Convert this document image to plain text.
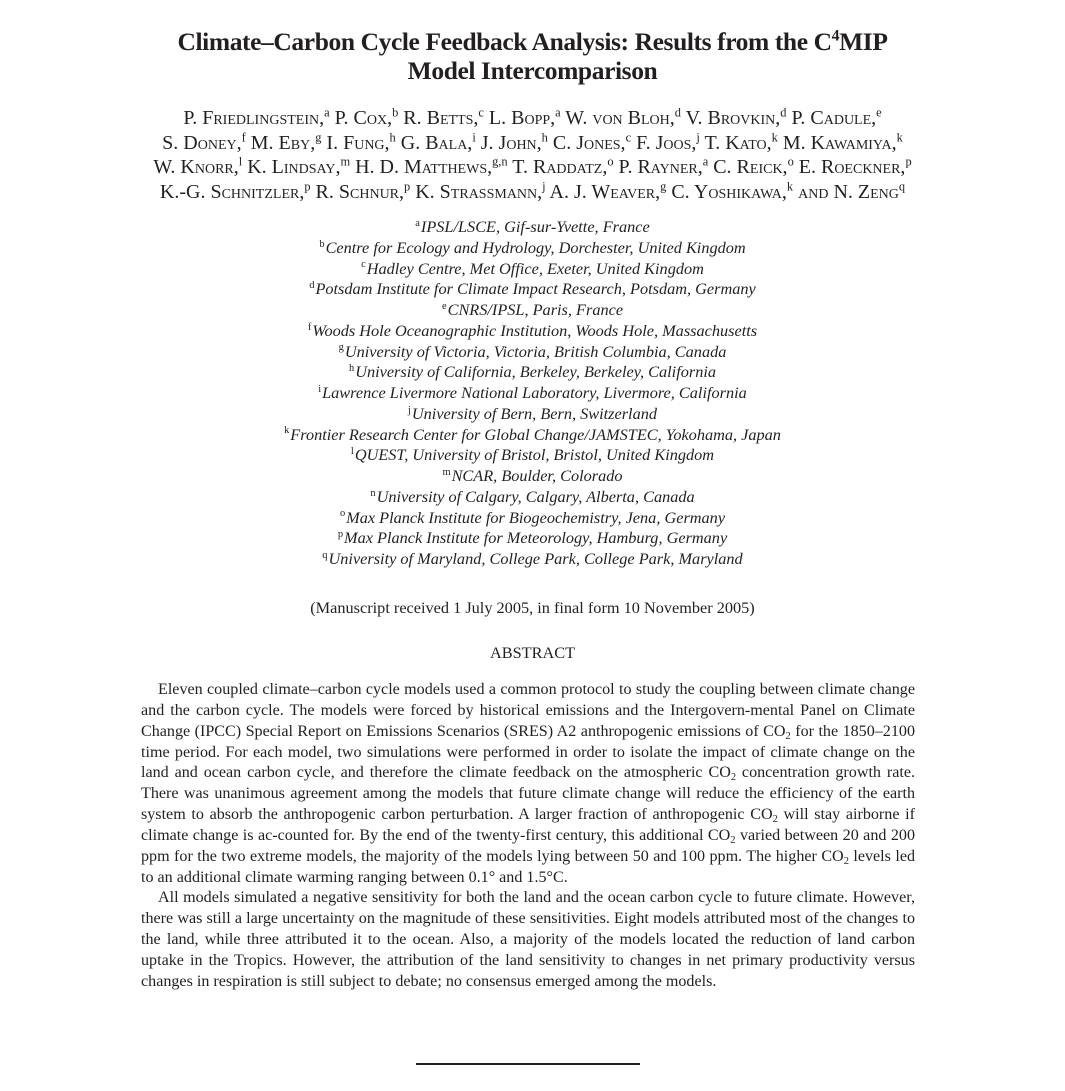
Climate–Carbon Cycle Feedback Analysis: Results from the $C^4MIP$
Model Intercomparison
P. Friedlingstein,$^a$ P. Cox,$^b$ R. Betts,$^c$ L. Bopp,$^a$ W. von Bloh,$^d$ V. Brovkin,$^d$ P. Cadule,$^e$
S. Doney,$^f$ M. Eby,$^g$ I. Fung,$^h$ G. Bala,$^i$ J. John,$^h$ C. Jones,$^c$ F. Joos,$^j$ T. Kato,$^k$ M. Kawamiya,$^k$
W. Knorr,$^l$ K. Lindsay,$^m$ H. D. Matthews,$^{g,n}$ T. Raddatz,$^o$ P. Rayner,$^a$ C. Reick,$^o$ E. Roeckner,$^p$
K.-G. Schnitzler,$^p$ R. Schnur,$^p$ K. Strassmann,$^j$ A. J. Weaver,$^g$ C. Yoshikawa,$^k$ and N. Zeng$^q$
$^a$IPSL/LSCE, Gif-sur-Yvette, France
$^b$Centre for Ecology and Hydrology, Dorchester, United Kingdom
$^c$Hadley Centre, Met Office, Exeter, United Kingdom
$^d$Potsdam Institute for Climate Impact Research, Potsdam, Germany
$^e$CNRS/IPSL, Paris, France
$^f$Woods Hole Oceanographic Institution, Woods Hole, Massachusetts
$^g$University of Victoria, Victoria, British Columbia, Canada
$^h$University of California, Berkeley, Berkeley, California
$^i$Lawrence Livermore National Laboratory, Livermore, California
$^j$University of Bern, Bern, Switzerland
$^k$Frontier Research Center for Global Change/JAMSTEC, Yokohama, Japan
$^l$QUEST, University of Bristol, Bristol, United Kingdom
$^m$NCAR, Boulder, Colorado
$^n$University of Calgary, Calgary, Alberta, Canada
$^o$Max Planck Institute for Biogeochemistry, Jena, Germany
$^p$Max Planck Institute for Meteorology, Hamburg, Germany
$^q$University of Maryland, College Park, College Park, Maryland
(Manuscript received 1 July 2005, in final form 10 November 2005)
ABSTRACT

Eleven coupled climate–carbon cycle models used a common protocol to study the coupling between climate change and the carbon cycle. The models were forced by historical emissions and the Intergovern-mental Panel on Climate Change (IPCC) Special Report on Emissions Scenarios (SRES) A2 anthropogenic emissions of $CO_2$ for the 1850–2100 time period. For each model, two simulations were performed in order to isolate the impact of climate change on the land and ocean carbon cycle, and therefore the climate feedback on the atmospheric $CO_2$ concentration growth rate. There was unanimous agreement among the models that future climate change will reduce the efficiency of the earth system to absorb the anthropogenic carbon perturbation. A larger fraction of anthropogenic $CO_2$ will stay airborne if climate change is ac-counted for. By the end of the twenty-first century, this additional $CO_2$ varied between 20 and 200 ppm for the two extreme models, the majority of the models lying between 50 and 100 ppm. The higher $CO_2$ levels led to an additional climate warming ranging between 0.1° and 1.5°C.

All models simulated a negative sensitivity for both the land and the ocean carbon cycle to future climate. However, there was still a large uncertainty on the magnitude of these sensitivities. Eight models attributed most of the changes to the land, while three attributed it to the ocean. Also, a majority of the models located the reduction of land carbon uptake in the Tropics. However, the attribution of the land sensitivity to changes in net primary productivity versus changes in respiration is still subject to debate; no consensus emerged among the models.
